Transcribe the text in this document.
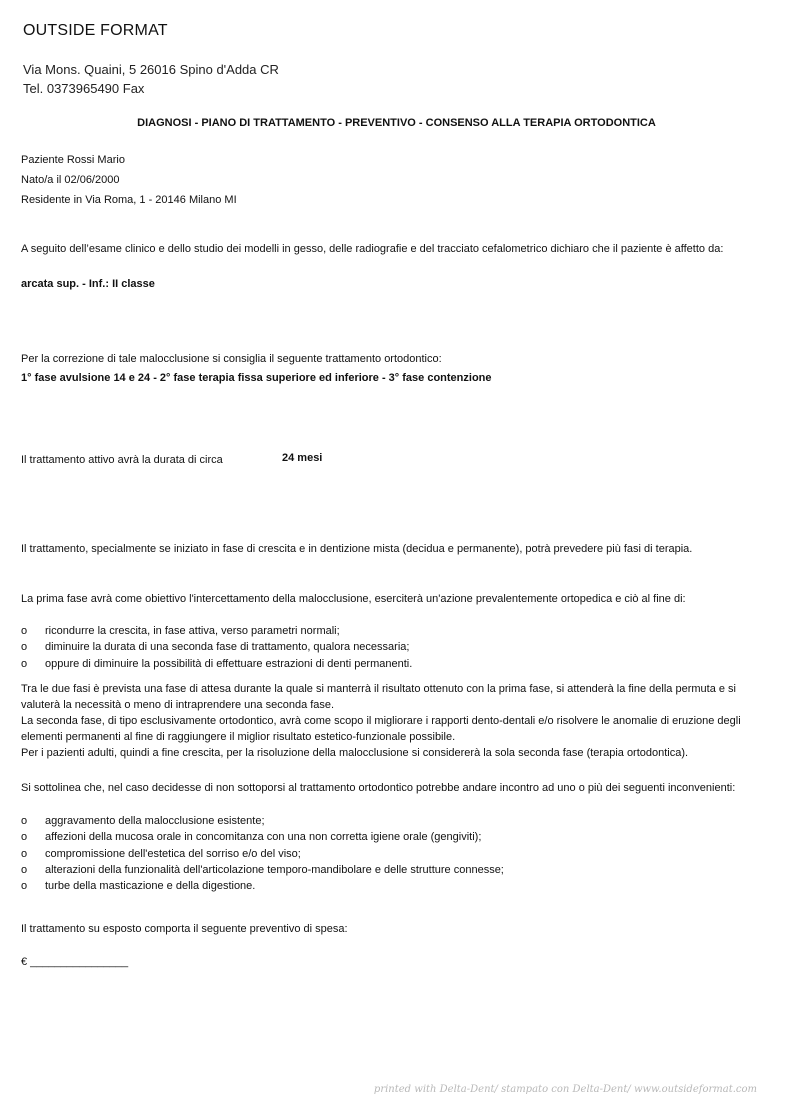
OUTSIDE FORMAT
Via Mons. Quaini, 5 26016 Spino d'Adda CR
Tel. 0373965490 Fax
DIAGNOSI - PIANO DI TRATTAMENTO - PREVENTIVO - CONSENSO ALLA TERAPIA ORTODONTICA
Paziente Rossi Mario
Nato/a il 02/06/2000
Residente in Via Roma, 1 - 20146 Milano MI
A seguito dell’esame clinico e dello studio dei modelli in gesso, delle radiografie e del tracciato cefalometrico dichiaro che il paziente è affetto da:
arcata sup. - Inf.: II classe
Per la correzione di tale malocclusione si consiglia il seguente trattamento ortodontico:
1° fase avulsione 14 e 24 - 2° fase terapia fissa superiore ed inferiore - 3° fase contenzione
Il trattamento attivo avrà la durata di circa	24 mesi
Il trattamento, specialmente se iniziato in fase di crescita e in dentizione mista (decidua e permanente), potrà prevedere più fasi di terapia.
La prima fase avrà come obiettivo l'intercettamento della malocclusione, eserciterà un'azione prevalentemente ortopedica e ciò al fine di:
o	ricondurre la crescita, in fase attiva, verso parametri normali;
o	diminuire la durata di una seconda fase di trattamento, qualora necessaria;
o	oppure di diminuire la possibilità di effettuare estrazioni di denti permanenti.
Tra le due fasi è prevista una fase di attesa durante la quale si manterrà il risultato ottenuto con la prima fase, si attenderà la fine della permuta e si valuterà la necessità o meno di intraprendere una seconda fase.
La seconda fase, di tipo esclusivamente ortodontico, avrà come scopo il migliorare i rapporti dento-dentali e/o risolvere le anomalie di eruzione degli elementi permanenti al fine di raggiungere il miglior risultato estetico-funzionale possibile.
Per i pazienti adulti, quindi a fine crescita, per la risoluzione della malocclusione si considererà la sola seconda fase (terapia ortodontica).
Si sottolinea che, nel caso decidesse di non sottoporsi al trattamento ortodontico potrebbe andare incontro ad uno o più dei seguenti inconvenienti:
o	aggravamento della malocclusione esistente;
o	affezioni della mucosa orale in concomitanza con una non corretta igiene orale (gengiviti);
o	compromissione dell'estetica del sorriso e/o del viso;
o	alterazioni della funzionalità dell'articolazione temporo-mandibolare e delle strutture connesse;
o	turbe della masticazione e della digestione.
Il trattamento su esposto comporta il seguente preventivo di spesa:
€ ________________
printed with Delta-Dent/ stampato con Delta-Dent/ www.outsideformat.com
